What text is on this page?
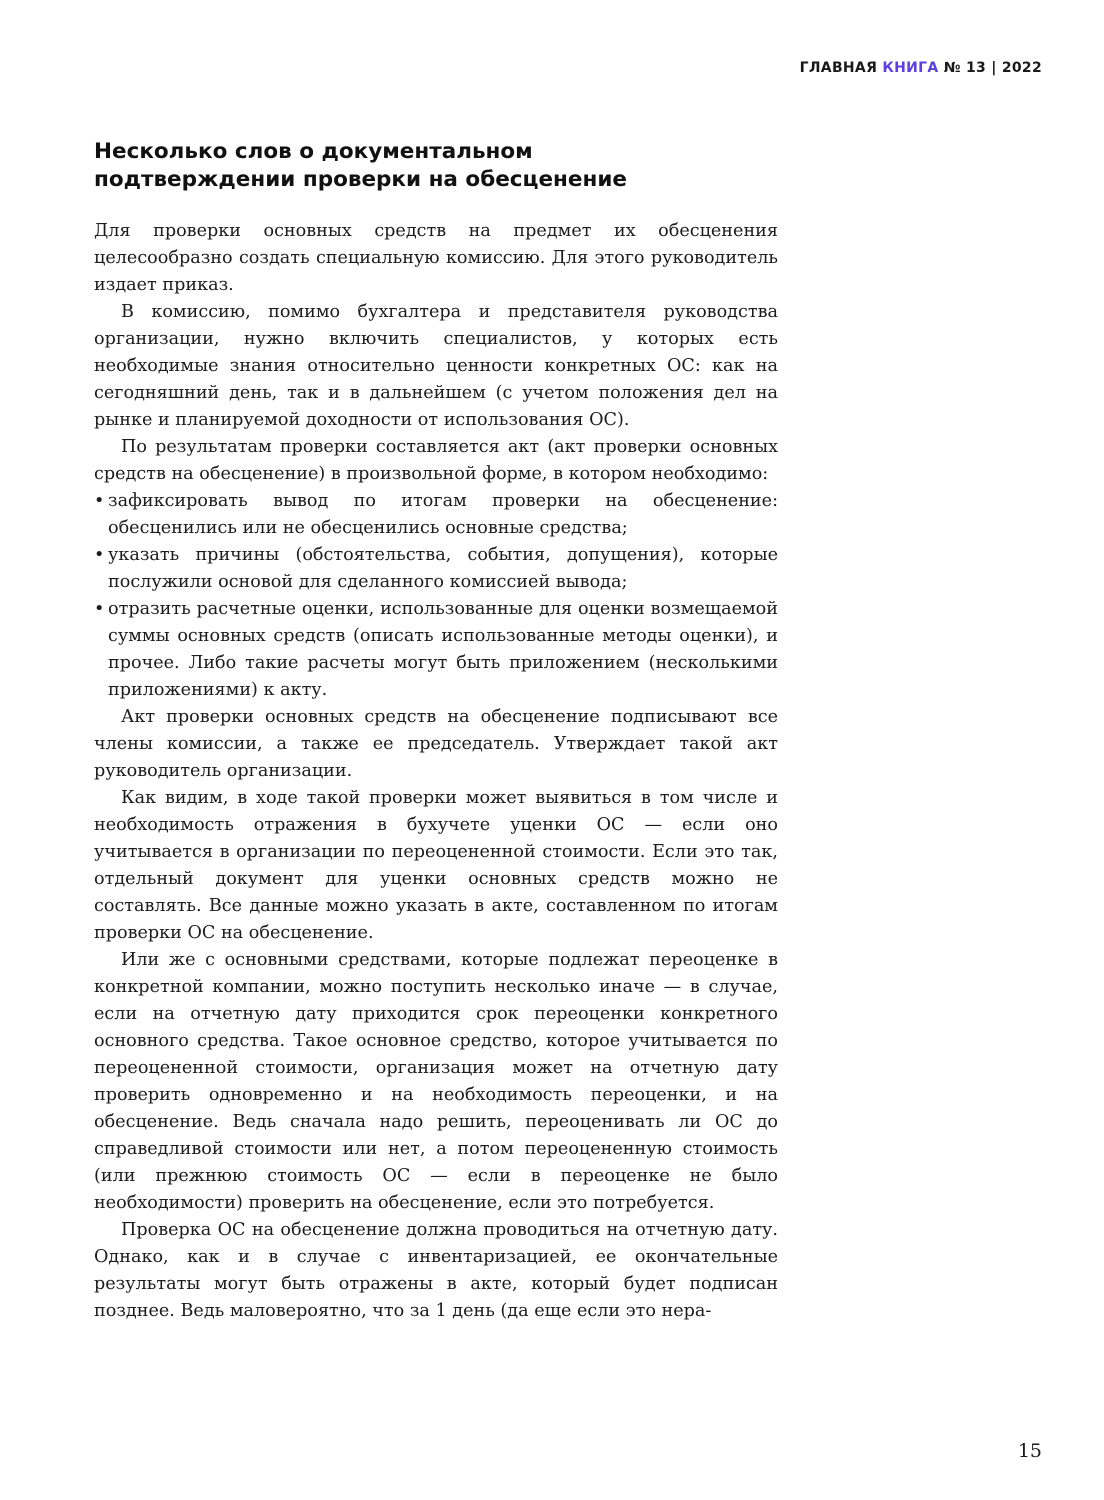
ГЛАВНАЯ КНИГА № 13 | 2022
Несколько слов о документальном
подтверждении проверки на обесценение

Для проверки основных средств на предмет их обесценения целесообразно создать специальную комиссию. Для этого руководитель издает приказ.

В комиссию, помимо бухгалтера и представителя руководства организации, нужно включить специалистов, у которых есть необходимые знания относительно ценности конкретных ОС: как на сегодняшний день, так и в дальнейшем (с учетом положения дел на рынке и планируемой доходности от использования ОС).

По результатам проверки составляется акт (акт проверки основных средств на обесценение) в произвольной форме, в котором необходимо:

• зафиксировать вывод по итогам проверки на обесценение: обесценились или не обесценились основные средства;
• указать причины (обстоятельства, события, допущения), которые послужили основой для сделанного комиссией вывода;
• отразить расчетные оценки, использованные для оценки возмещаемой суммы основных средств (описать использованные методы оценки), и прочее. Либо такие расчеты могут быть приложением (несколькими приложениями) к акту.

Акт проверки основных средств на обесценение подписывают все члены комиссии, а также ее председатель. Утверждает такой акт руководитель организации.

Как видим, в ходе такой проверки может выявиться в том числе и необходимость отражения в бухучете уценки ОС — если оно учитывается в организации по переоцененной стоимости. Если это так, отдельный документ для уценки основных средств можно не составлять. Все данные можно указать в акте, составленном по итогам проверки ОС на обесценение.

Или же с основными средствами, которые подлежат переоценке в конкретной компании, можно поступить несколько иначе — в случае, если на отчетную дату приходится срок переоценки конкретного основного средства. Такое основное средство, которое учитывается по переоцененной стоимости, организация может на отчетную дату проверить одновременно и на необходимость переоценки, и на обесценение. Ведь сначала надо решить, переоценивать ли ОС до справедливой стоимости или нет, а потом переоцененную стоимость (или прежнюю стоимость ОС — если в переоценке не было необходимости) проверить на обесценение, если это потребуется.

Проверка ОС на обесценение должна проводиться на отчетную дату. Однако, как и в случае с инвентаризацией, ее окончательные результаты могут быть отражены в акте, который будет подписан позднее. Ведь маловероятно, что за 1 день (да еще если это нера-

15
